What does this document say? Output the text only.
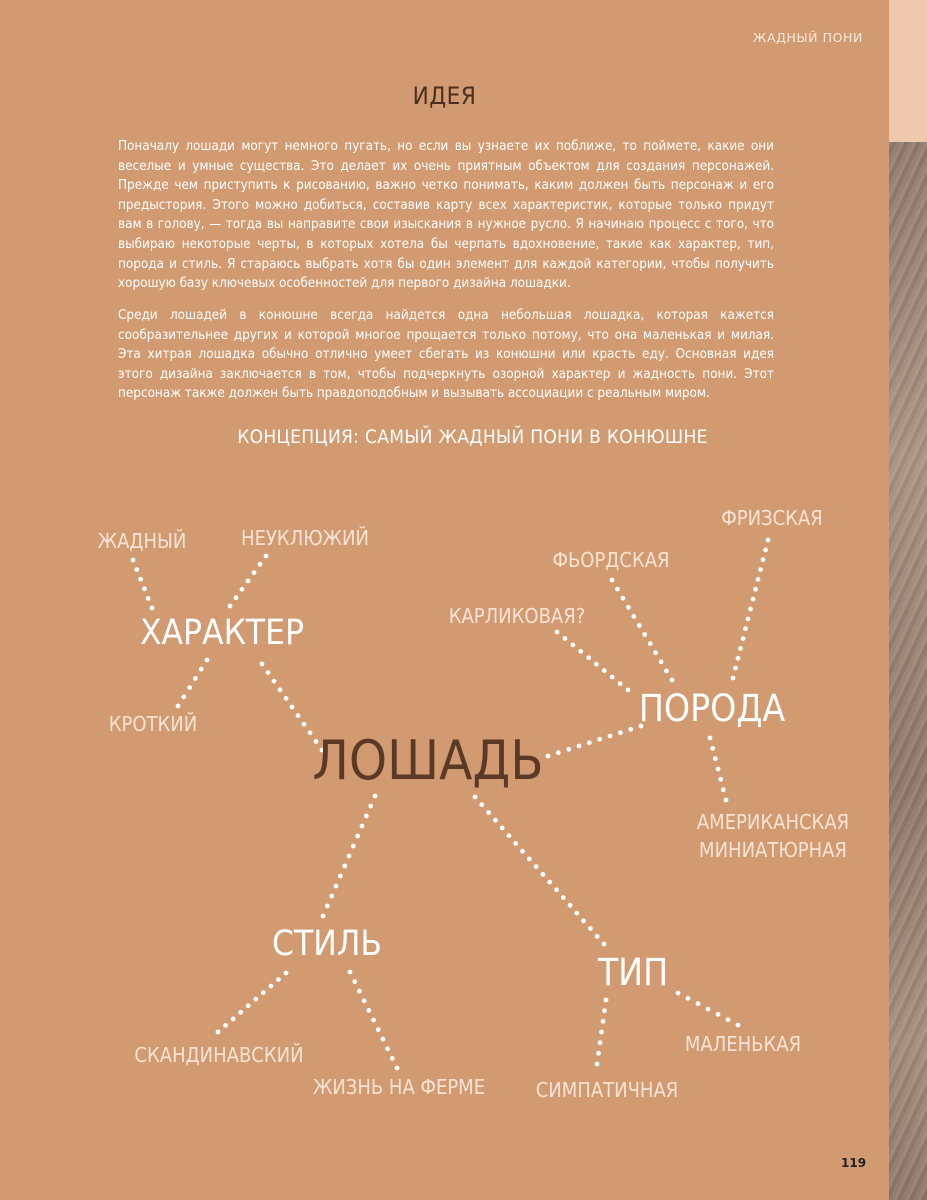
ЖАДНЫЙ ПОНИ
ИДЕЯ

Поначалу лошади могут немного пугать, но если вы узнаете их поближе, то поймете, какие они веселые и умные существа. Это делает их очень приятным объектом для создания персонажей. Прежде чем приступить к рисованию, важно четко понимать, каким должен быть персонаж и его предыстория. Этого можно добиться, составив карту всех характеристик, которые только придут вам в голову, — тогда вы направите свои изыскания в нужное русло. Я начинаю процесс с того, что выбираю некоторые черты, в которых хотела бы черпать вдохновение, такие как характер, тип, порода и стиль. Я стараюсь выбрать хотя бы один элемент для каждой категории, чтобы получить хорошую базу ключевых особенностей для первого дизайна лошадки.

Среди лошадей в конюшне всегда найдется одна небольшая лошадка, которая кажется сообразительнее других и которой многое прощается только потому, что она маленькая и милая. Эта хитрая лошадка обычно отлично умеет сбегать из конюшни или красть еду. Основная идея этого дизайна заключается в том, чтобы подчеркнуть озорной характер и жадность пони. Этот персонаж также должен быть правдоподобным и вызывать ассоциации с реальным миром.

КОНЦЕПЦИЯ: САМЫЙ ЖАДНЫЙ ПОНИ В КОНЮШНЕ
ЛОШАДЬ
ХАРАКТЕР
ПОРОДА
СТИЛЬ
ТИП
ЖАДНЫЙ	НЕУКЛЮЖИЙ
КРОТКИЙ
ФРИЗСКАЯ
ФЬОРДСКАЯ
КАРЛИКОВАЯ?
АМЕРИКАНСКАЯ
МИНИАТЮРНАЯ
СКАНДИНАВСКИЙ
ЖИЗНЬ НА ФЕРМЕ	СИМПАТИЧНАЯ
МАЛЕНЬКАЯ
119
